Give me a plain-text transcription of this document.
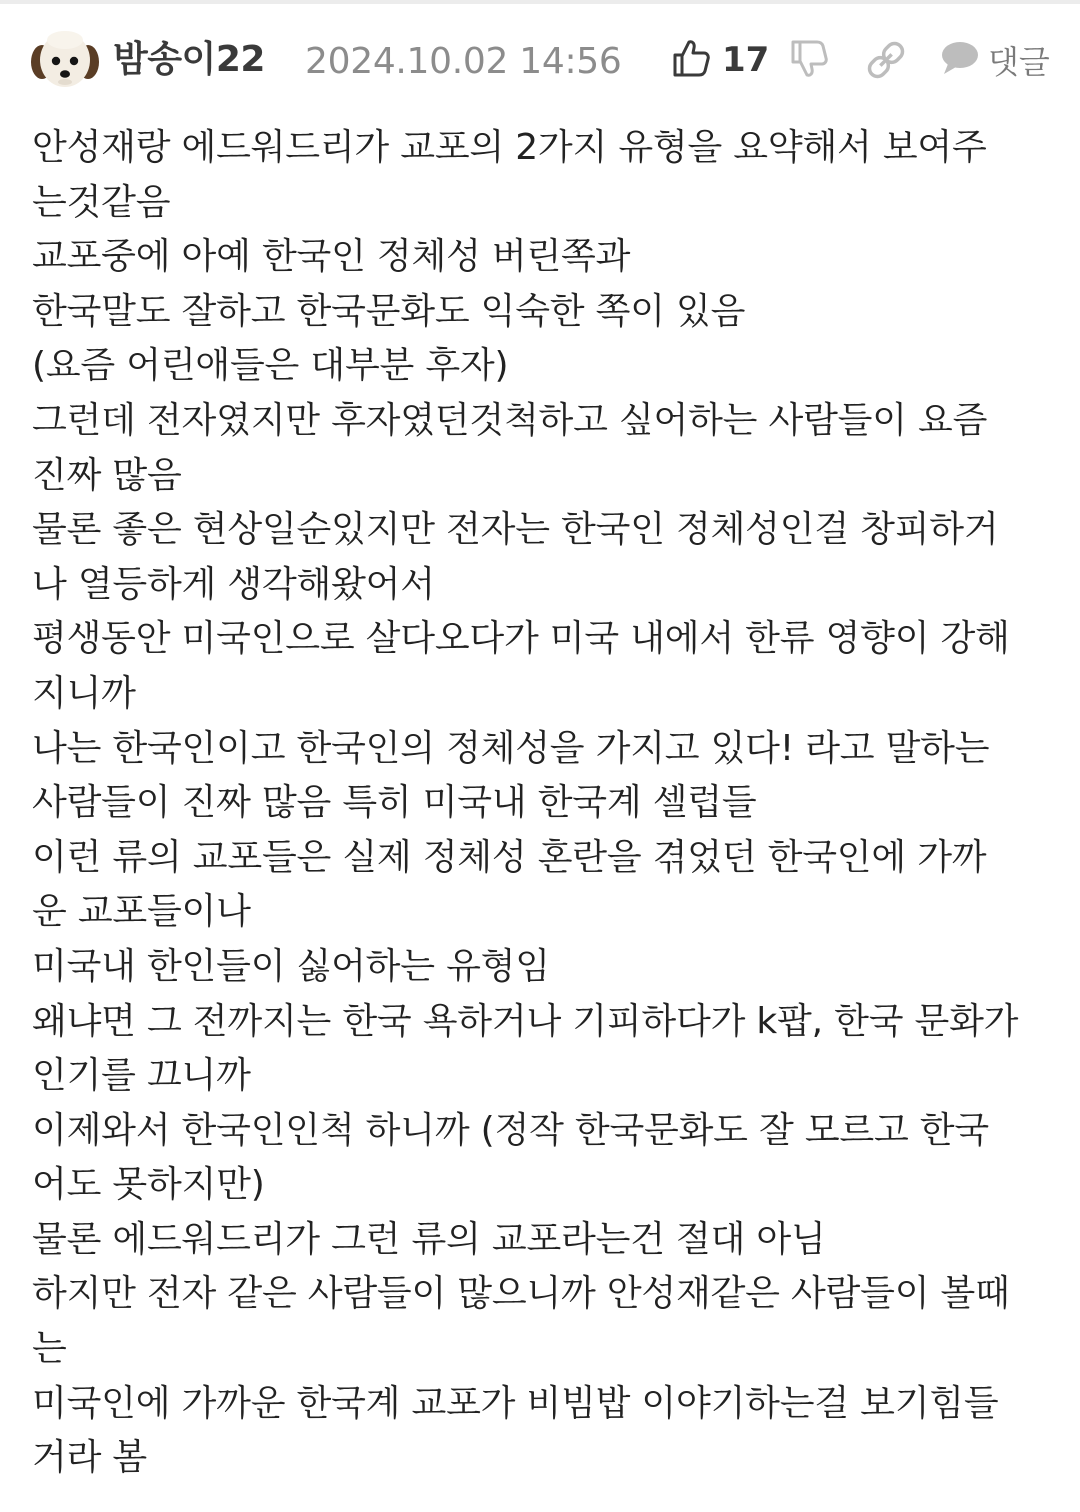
밤송이22 2024.10.02 14:56	17	댓글

안성재랑 에드워드리가 교포의 2가지 유형을 요약해서 보여주
는것같음
교포중에 아예 한국인 정체성 버린쪽과
한국말도 잘하고 한국문화도 익숙한 쪽이 있음
(요즘 어린애들은 대부분 후자)
그런데 전자였지만 후자였던것척하고 싶어하는 사람들이 요즘
진짜 많음
물론 좋은 현상일순있지만 전자는 한국인 정체성인걸 창피하거
나 열등하게 생각해왔어서
평생동안 미국인으로 살다오다가 미국 내에서 한류 영향이 강해
지니까
나는 한국인이고 한국인의 정체성을 가지고 있다! 라고 말하는
사람들이 진짜 많음 특히 미국내 한국계 셀럽들
이런 류의 교포들은 실제 정체성 혼란을 겪었던 한국인에 가까
운 교포들이나
미국내 한인들이 싫어하는 유형임
왜냐면 그 전까지는 한국 욕하거나 기피하다가 k팝, 한국 문화가
인기를 끄니까
이제와서 한국인인척 하니까 (정작 한국문화도 잘 모르고 한국
어도 못하지만)
물론 에드워드리가 그런 류의 교포라는건 절대 아님
하지만 전자 같은 사람들이 많으니까 안성재같은 사람들이 볼때
는
미국인에 가까운 한국계 교포가 비빔밥 이야기하는걸 보기힘들
거라 봄
